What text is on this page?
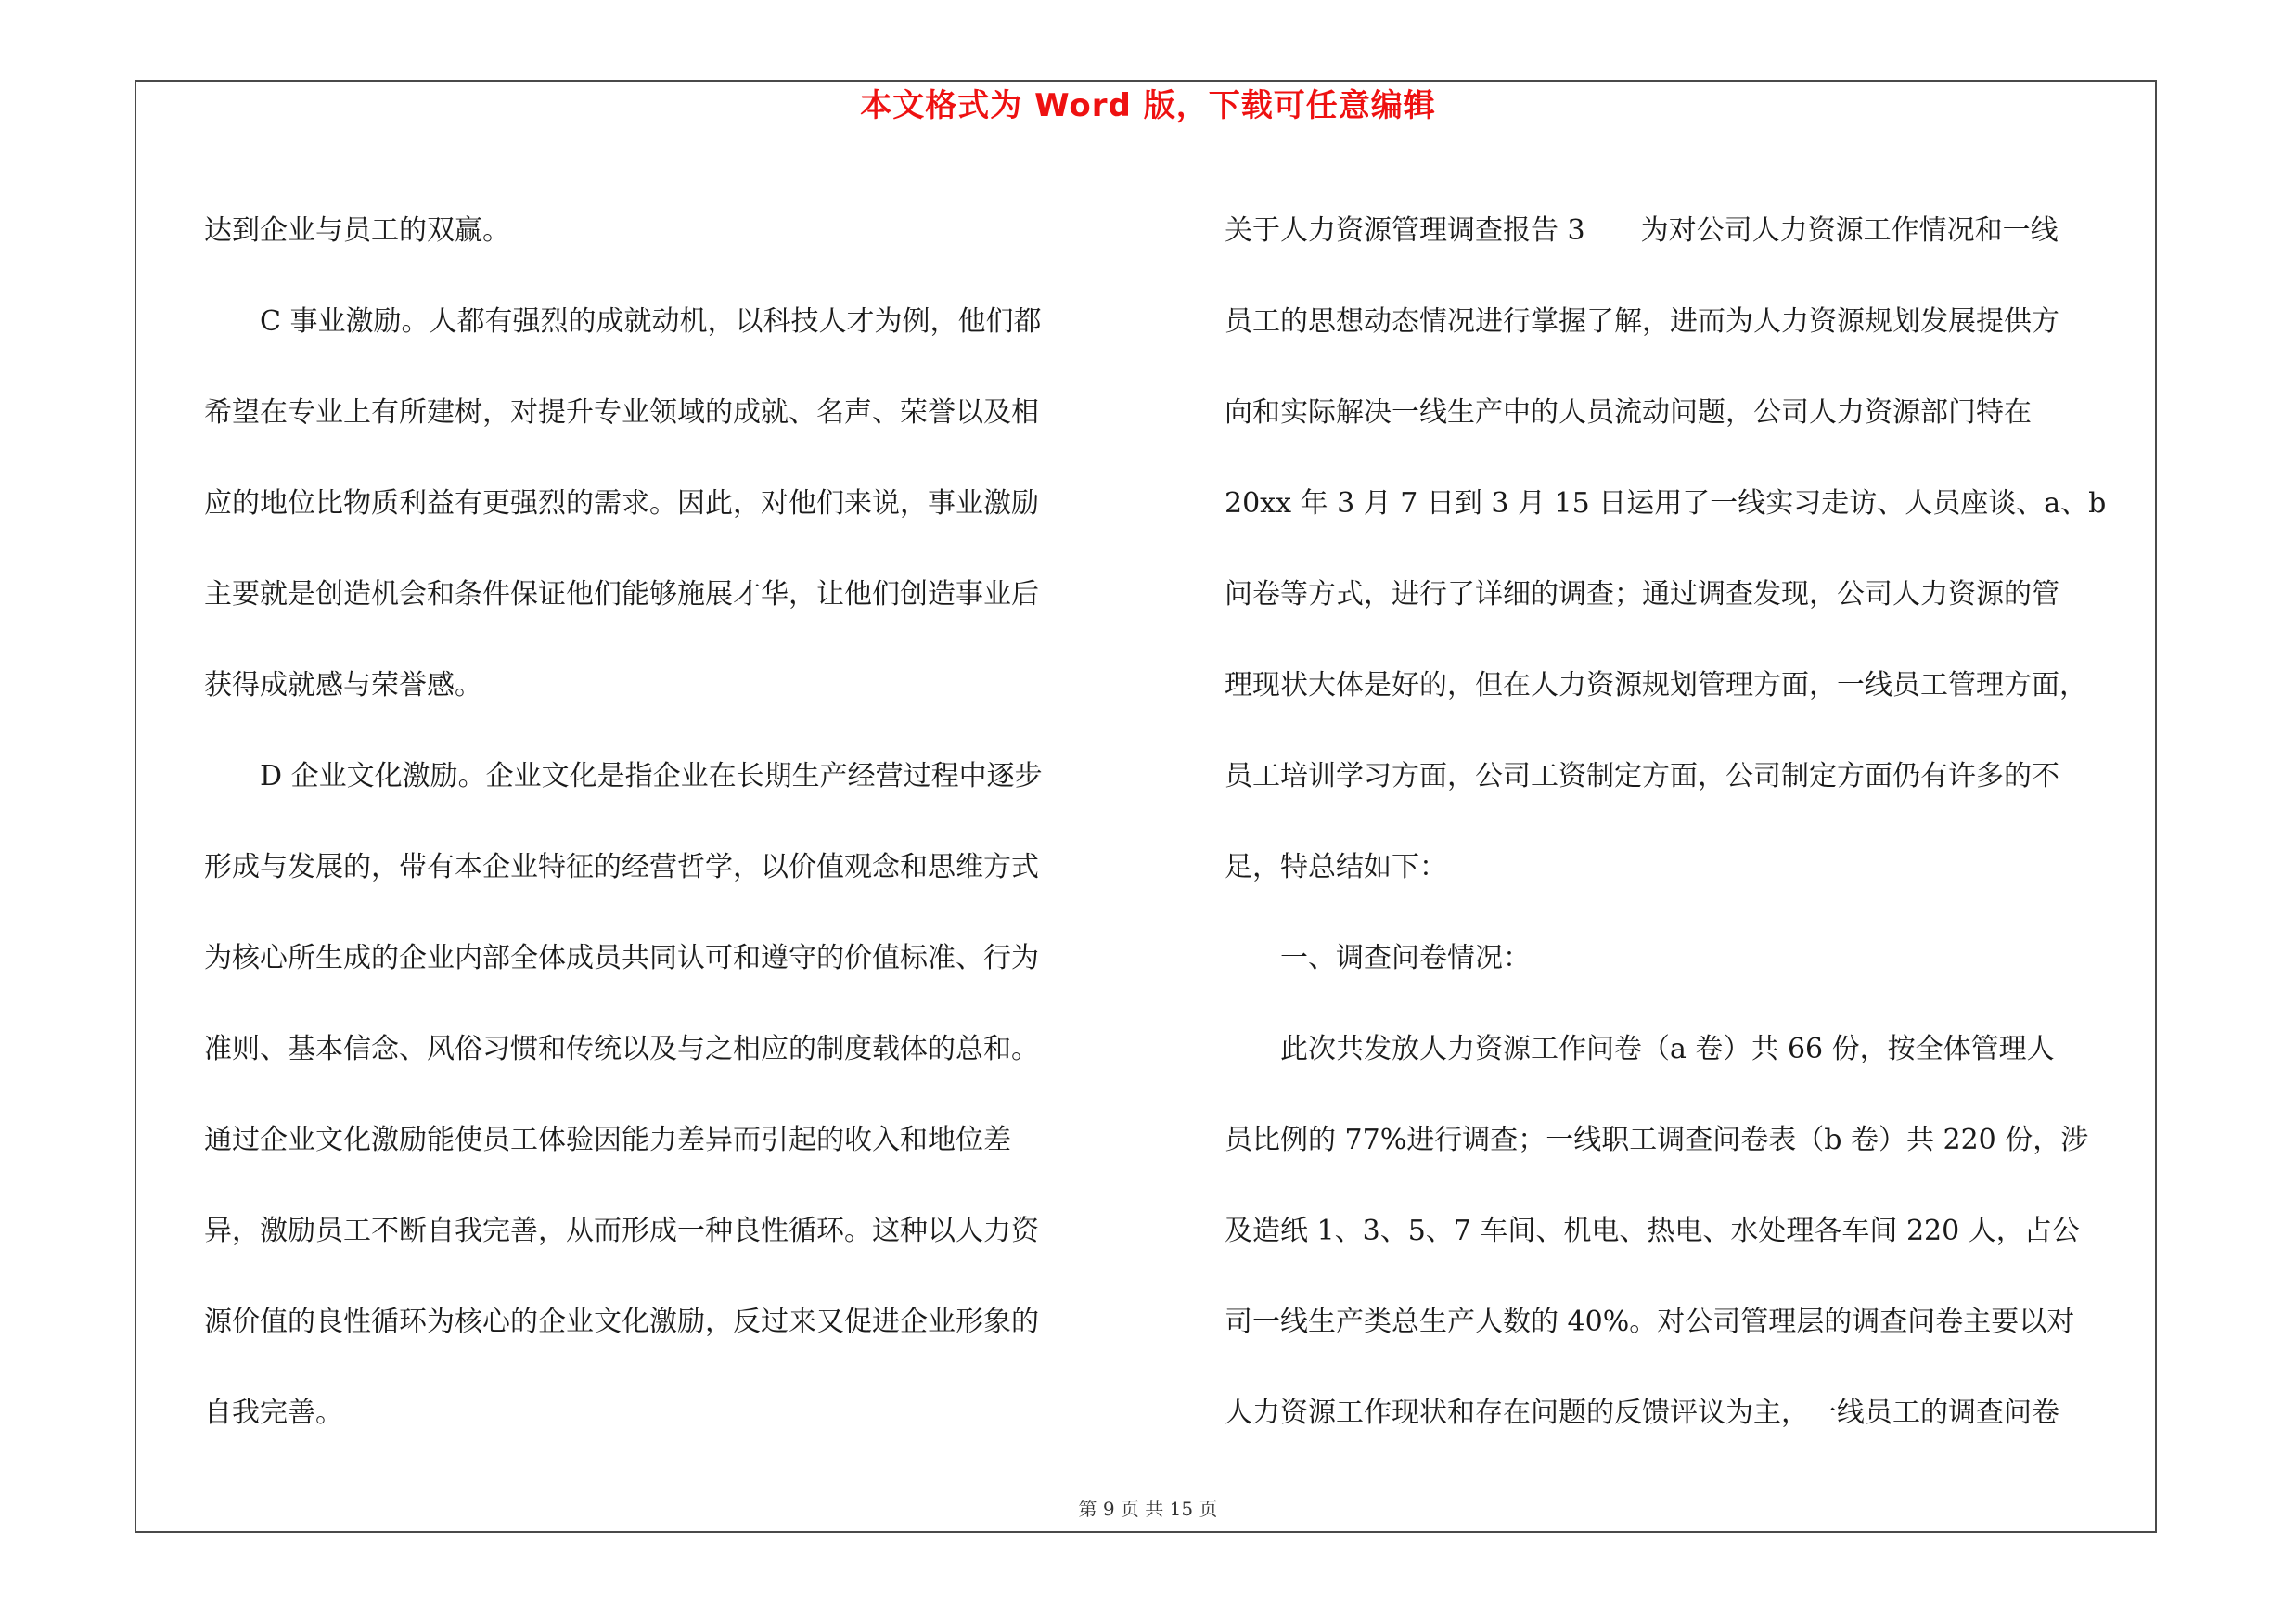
本文格式为 Word 版，下载可任意编辑
达到企业与员工的双赢。
C 事业激励。人都有强烈的成就动机，以科技人才为例，他们都
希望在专业上有所建树，对提升专业领域的成就、名声、荣誉以及相
应的地位比物质利益有更强烈的需求。因此，对他们来说，事业激励
主要就是创造机会和条件保证他们能够施展才华，让他们创造事业后
获得成就感与荣誉感。
D 企业文化激励。企业文化是指企业在长期生产经营过程中逐步
形成与发展的，带有本企业特征的经营哲学，以价值观念和思维方式
为核心所生成的企业内部全体成员共同认可和遵守的价值标准、行为
准则、基本信念、风俗习惯和传统以及与之相应的制度载体的总和。
通过企业文化激励能使员工体验因能力差异而引起的收入和地位差
异，激励员工不断自我完善，从而形成一种良性循环。这种以人力资
源价值的良性循环为核心的企业文化激励，反过来又促进企业形象的
自我完善。
关于人力资源管理调查报告 3　　为对公司人力资源工作情况和一线
员工的思想动态情况进行掌握了解，进而为人力资源规划发展提供方
向和实际解决一线生产中的人员流动问题，公司人力资源部门特在
20xx 年 3 月 7 日到 3 月 15 日运用了一线实习走访、人员座谈、a、b
问卷等方式，进行了详细的调查；通过调查发现，公司人力资源的管
理现状大体是好的，但在人力资源规划管理方面，一线员工管理方面，
员工培训学习方面，公司工资制定方面，公司制定方面仍有许多的不
足，特总结如下：
一、调查问卷情况：
此次共发放人力资源工作问卷（a 卷）共 66 份，按全体管理人
员比例的 77%进行调查；一线职工调查问卷表（b 卷）共 220 份，涉
及造纸 1、3、5、7 车间、机电、热电、水处理各车间 220 人，占公
司一线生产类总生产人数的 40%。对公司管理层的调查问卷主要以对
人力资源工作现状和存在问题的反馈评议为主，一线员工的调查问卷
第 9 页 共 15 页
